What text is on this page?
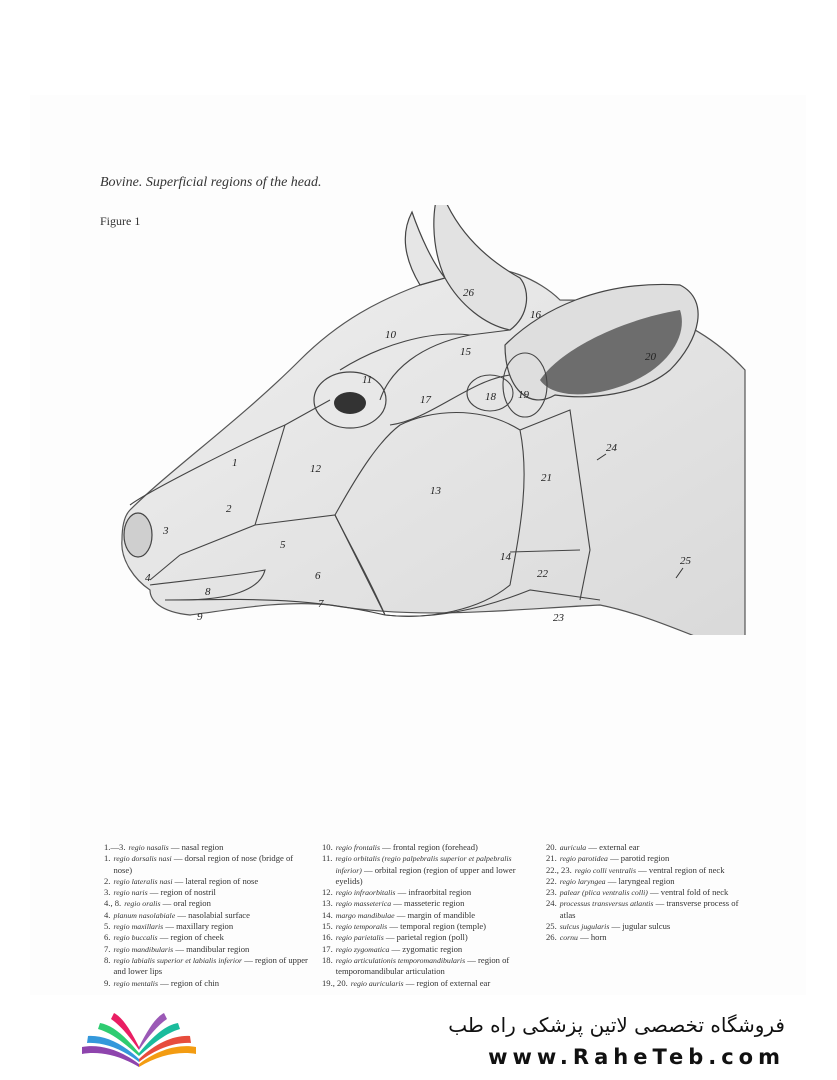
Bovine. Superficial regions of the head.
Figure 1
1
2
3
4
5
6
7
8
9
10
11
12
13
14
15
16
17	18 19
20
21
22
23
24
25
26
1.—3. regio nasalis — nasal region
1. regio dorsalis nasi — dorsal region of nose (bridge of nose)
2. regio lateralis nasi — lateral region of nose
3. regio naris — region of nostril
4., 8. regio oralis — oral region
4. planum nasolabiale — nasolabial surface
5. regio maxillaris — maxillary region
6. regio buccalis — region of cheek
7. regio mandibularis — mandibular region
8. regio labialis superior et labialis inferior — region of upper and lower lips
9. regio mentalis — region of chin
10. regio frontalis — frontal region (forehead)
11. regio orbitalis (regio palpebralis superior et palpebralis inferior) — orbital region (region of upper and lower eyelids)
12. regio infraorbitalis — infraorbital region
13. regio masseterica — masseteric region
14. margo mandibulae — margin of mandible
15. regio temporalis — temporal region (temple)
16. regio parietalis — parietal region (poll)
17. regio zygomatica — zygomatic region
18. regio articulationis temporomandibularis — region of temporomandibular articulation
19., 20. regio auricularis — region of external ear
20. auricula — external ear
21. regio parotidea — parotid region
22., 23. regio colli ventralis — ventral region of neck
22. regio laryngea — laryngeal region
23. palear (plica ventralis colli) — ventral fold of neck
24. processus transversus atlantis — transverse process of atlas
25. sulcus jugularis — jugular sulcus
26. cornu — horn
فروشگاه تخصصی لاتین پزشکی راه طب
www.RaheTeb.com
